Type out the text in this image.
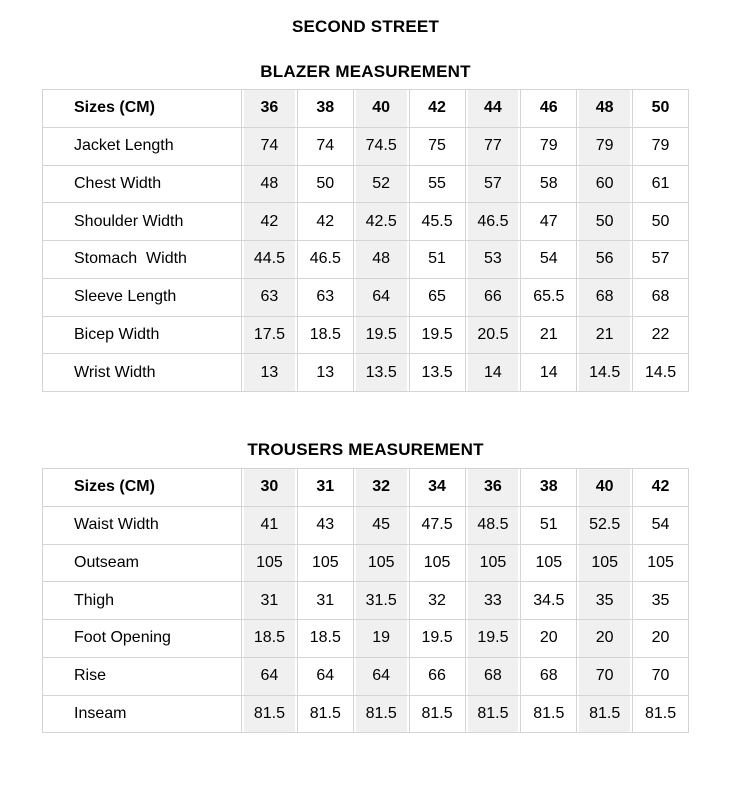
SECOND STREET
BLAZER MEASUREMENT
Sizes (CM)	36	38	40	42	44	46	48	50
Jacket Length	74	74	74.5	75	77	79	79	79
Chest Width	48	50	52	55	57	58	60	61
Shoulder Width	42	42	42.5	45.5	46.5	47	50	50
Stomach  Width	44.5	46.5	48	51	53	54	56	57
Sleeve Length	63	63	64	65	66	65.5	68	68
Bicep Width	17.5	18.5	19.5	19.5	20.5	21	21	22
Wrist Width	13	13	13.5	13.5	14	14	14.5	14.5
TROUSERS MEASUREMENT
Sizes (CM)	30	31	32	34	36	38	40	42
Waist Width	41	43	45	47.5	48.5	51	52.5	54
Outseam	105	105	105	105	105	105	105	105
Thigh	31	31	31.5	32	33	34.5	35	35
Foot Opening	18.5	18.5	19	19.5	19.5	20	20	20
Rise	64	64	64	66	68	68	70	70
Inseam	81.5	81.5	81.5	81.5	81.5	81.5	81.5	81.5
